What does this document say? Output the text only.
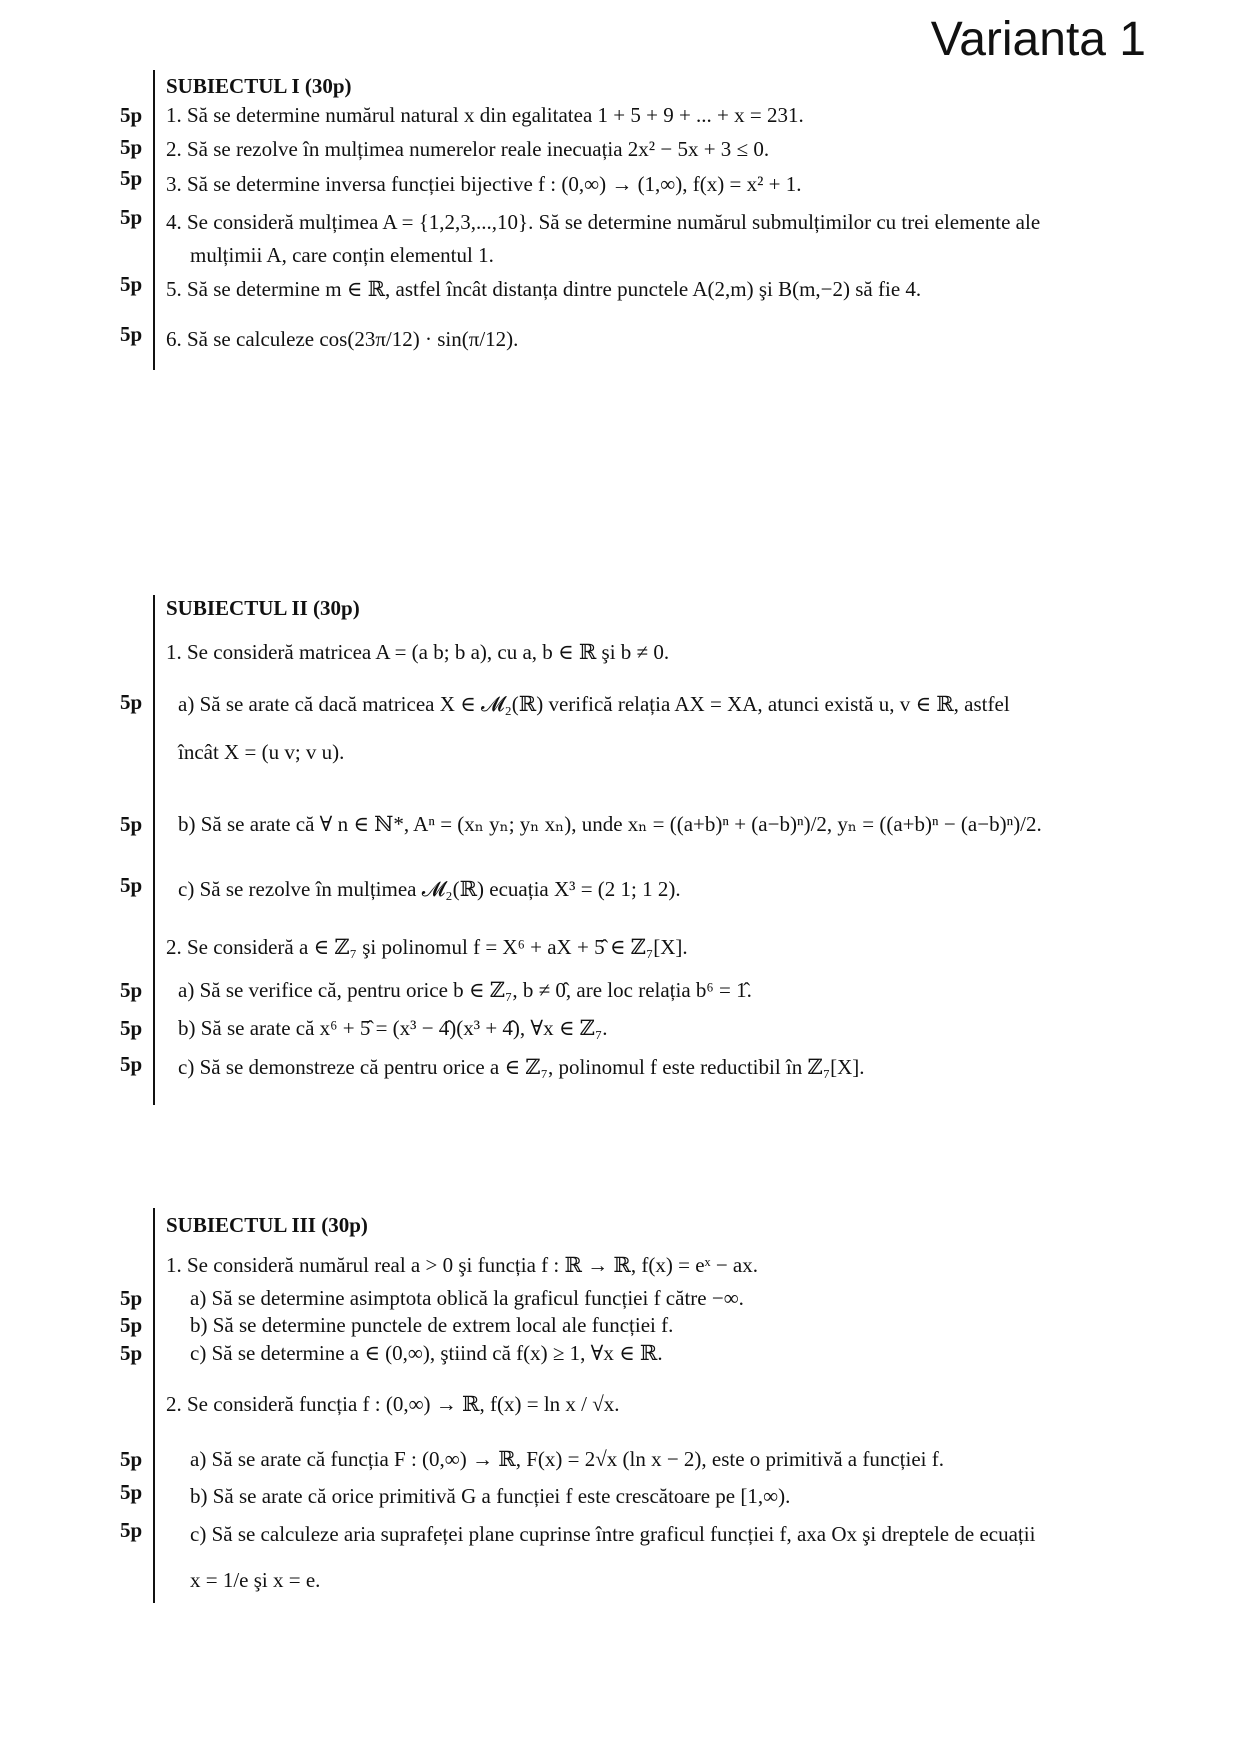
Varianta 1
SUBIECTUL I (30p)
1. Să se determine numărul natural x din egalitatea 1 + 5 + 9 + ... + x = 231.
2. Să se rezolve în mulțimea numerelor reale inecuația 2x² − 5x + 3 ≤ 0.
3. Să se determine inversa funcției bijective f : (0,∞) → (1,∞), f(x) = x² + 1.
4. Se consideră mulțimea A = {1,2,3,...,10}. Să se determine numărul submulțimilor cu trei elemente ale
mulțimii A, care conțin elementul 1.
5. Să se determine m ∈ ℝ, astfel încât distanța dintre punctele A(2,m) şi B(m,−2) să fie 4.
6. Să se calculeze cos(23π/12) · sin(π/12).
5p
5p
5p
5p
5p
5p
SUBIECTUL II (30p)
1. Se consideră matricea A = (a b; b a), cu a, b ∈ ℝ şi b ≠ 0.
a) Să se arate că dacă matricea X ∈ 𝓜₂(ℝ) verifică relația AX = XA, atunci există u, v ∈ ℝ, astfel
încât X = (u v; v u).
b) Să se arate că ∀ n ∈ ℕ*, Aⁿ = (xₙ yₙ; yₙ xₙ), unde xₙ = ((a+b)ⁿ + (a−b)ⁿ)/2, yₙ = ((a+b)ⁿ − (a−b)ⁿ)/2.
c) Să se rezolve în mulțimea 𝓜₂(ℝ) ecuația X³ = (2 1; 1 2).
2. Se consideră a ∈ ℤ₇ şi polinomul f = X⁶ + aX + 5̂ ∈ ℤ₇[X].
a) Să se verifice că, pentru orice b ∈ ℤ₇, b ≠ 0̂, are loc relația b⁶ = 1̂.
b) Să se arate că x⁶ + 5̂ = (x³ − 4̂)(x³ + 4̂), ∀x ∈ ℤ₇.
c) Să se demonstreze că pentru orice a ∈ ℤ₇, polinomul f este reductibil în ℤ₇[X].
5p
5p
5p
5p
5p
5p
SUBIECTUL III (30p)
1. Se consideră numărul real a > 0 şi funcția f : ℝ → ℝ, f(x) = eˣ − ax.
a) Să se determine asimptota oblică la graficul funcției f către −∞.
b) Să se determine punctele de extrem local ale funcției f.
c) Să se determine a ∈ (0,∞), ştiind că f(x) ≥ 1, ∀x ∈ ℝ.
2. Se consideră funcția f : (0,∞) → ℝ, f(x) = ln x / √x.
a) Să se arate că funcția F : (0,∞) → ℝ, F(x) = 2√x (ln x − 2), este o primitivă a funcției f.
b) Să se arate că orice primitivă G a funcției f este crescătoare pe [1,∞).
c) Să se calculeze aria suprafeței plane cuprinse între graficul funcției f, axa Ox şi dreptele de ecuații
x = 1/e şi x = e.
5p
5p
5p
5p
5p
5p
